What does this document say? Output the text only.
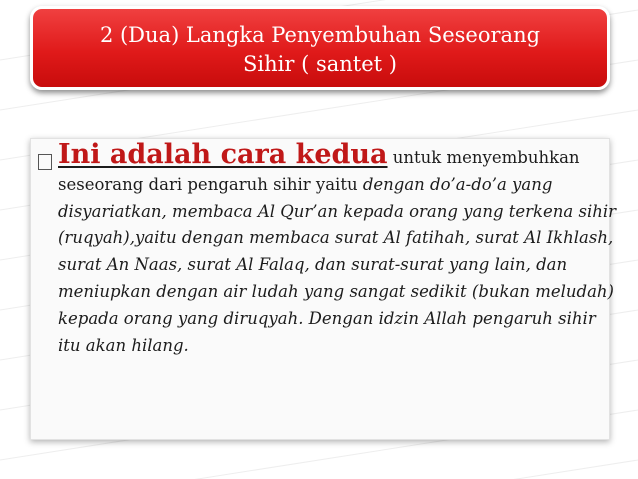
2 (Dua) Langka Penyembuhan Seseorang
Sihir ( santet )

Ini adalah cara kedua untuk menyembuhkan seseorang dari pengaruh sihir yaitu dengan do’a-do’a yang disyariatkan, membaca Al Qur’an kepada orang yang terkena sihir (ruqyah),yaitu dengan membaca surat Al fatihah, surat Al Ikhlash, surat An Naas, surat Al Falaq, dan surat-surat yang lain, dan meniupkan dengan air ludah yang sangat sedikit (bukan meludah) kepada orang yang diruqyah. Dengan idzin Allah pengaruh sihir itu akan hilang.
